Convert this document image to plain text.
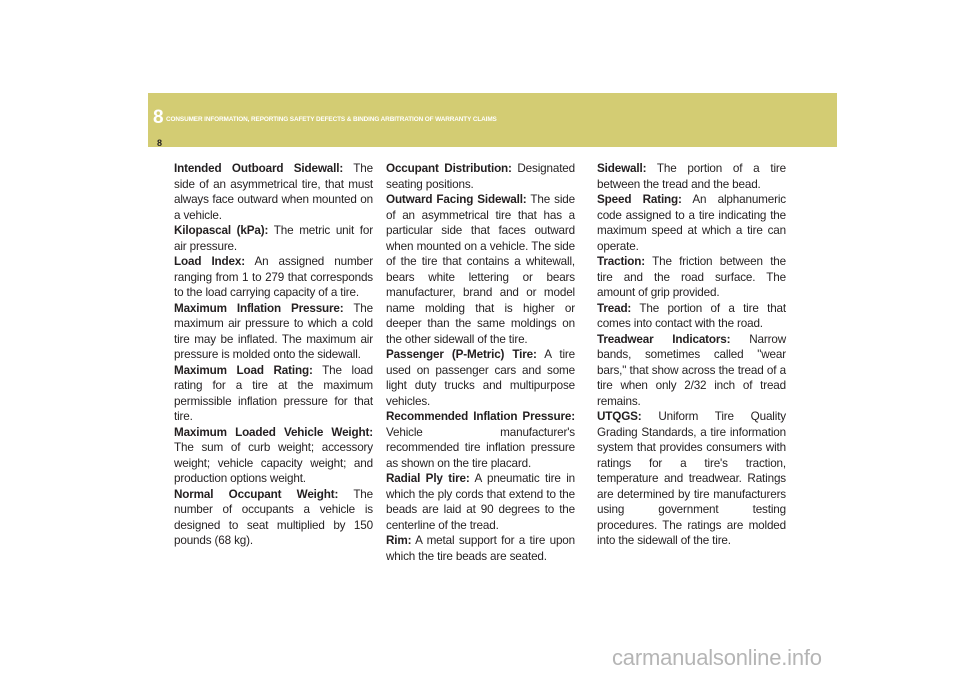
8 CONSUMER INFORMATION, REPORTING SAFETY DEFECTS & BINDING ARBITRATION OF WARRANTY CLAIMS
8

Intended Outboard Sidewall: The side of an asymmetrical tire, that must always face outward when mounted on a vehicle.

Kilopascal (kPa): The metric unit for air pressure.

Load Index: An assigned number ranging from 1 to 279 that corresponds to the load carrying capacity of a tire.

Maximum Inflation Pressure: The maximum air pressure to which a cold tire may be inflated. The maximum air pressure is molded onto the sidewall.

Maximum Load Rating: The load rating for a tire at the maximum permissible inflation pressure for that tire.

Maximum Loaded Vehicle Weight: The sum of curb weight; accessory weight; vehicle capacity weight; and production options weight.

Normal Occupant Weight: The number of occupants a vehicle is designed to seat multiplied by 150 pounds (68 kg).

Occupant Distribution: Designated seating positions.

Outward Facing Sidewall: The side of an asymmetrical tire that has a particular side that faces outward when mounted on a vehicle. The side of the tire that contains a whitewall, bears white lettering or bears manufacturer, brand and or model name molding that is higher or deeper than the same moldings on the other sidewall of the tire.

Passenger (P-Metric) Tire: A tire used on passenger cars and some light duty trucks and multipurpose vehicles.

Recommended Inflation Pressure: Vehicle manufacturer's recommended tire inflation pressure as shown on the tire placard.

Radial Ply tire: A pneumatic tire in which the ply cords that extend to the beads are laid at 90 degrees to the centerline of the tread.

Rim: A metal support for a tire upon which the tire beads are seated.

Sidewall: The portion of a tire between the tread and the bead.

Speed Rating: An alphanumeric code assigned to a tire indicating the maximum speed at which a tire can operate.

Traction: The friction between the tire and the road surface. The amount of grip provided.

Tread: The portion of a tire that comes into contact with the road.

Treadwear Indicators: Narrow bands, sometimes called "wear bars," that show across the tread of a tire when only 2/32 inch of tread remains.

UTQGS: Uniform Tire Quality Grading Standards, a tire information system that provides consumers with ratings for a tire's traction, temperature and treadwear. Ratings are determined by tire manufacturers using government testing procedures. The ratings are molded into the sidewall of the tire.

carmanualsonline.info
